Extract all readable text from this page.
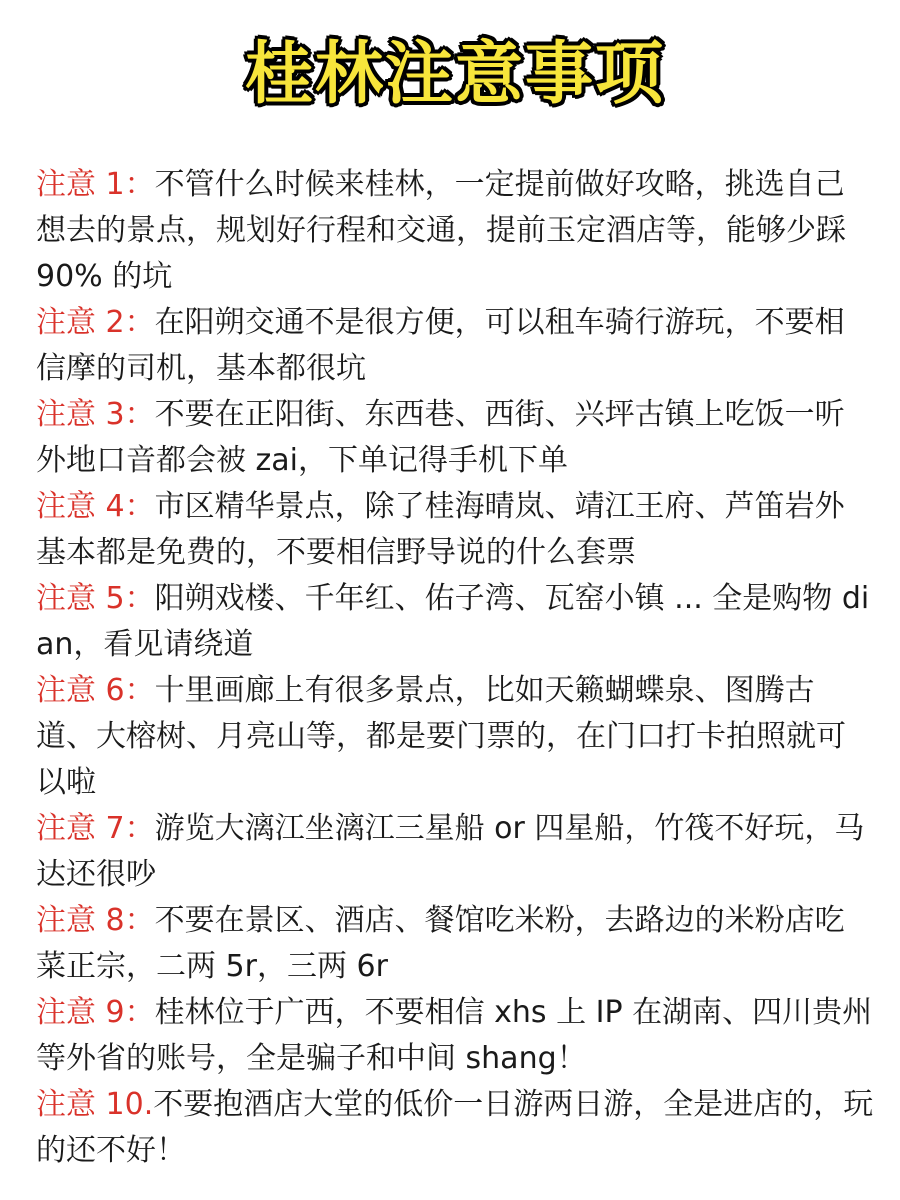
桂林注意事项

注意 1：不管什么时候来桂林，一定提前做好攻略，挑选自己想去的景点，规划好行程和交通，提前玉定酒店等，能够少踩 90% 的坑

注意 2：在阳朔交通不是很方便，可以租车骑行游玩，不要相信摩的司机，基本都很坑

注意 3：不要在正阳街、东西巷、西街、兴坪古镇上吃饭一听外地口音都会被 zai，下单记得手机下单

注意 4：市区精华景点，除了桂海晴岚、靖江王府、芦笛岩外基本都是免费的，不要相信野导说的什么套票

注意 5：阳朔戏楼、千年红、佑子湾、瓦窑小镇 ... 全是购物 dian，看见请绕道

注意 6：十里画廊上有很多景点，比如天籁蝴蝶泉、图腾古道、大榕树、月亮山等，都是要门票的，在门口打卡拍照就可以啦

注意 7：游览大漓江坐漓江三星船 or 四星船，竹筏不好玩，马达还很吵

注意 8：不要在景区、酒店、餐馆吃米粉，去路边的米粉店吃菜正宗，二两 5r，三两 6r

注意 9：桂林位于广西，不要相信 xhs 上 IP 在湖南、四川贵州等外省的账号，全是骗子和中间 shang！

注意 10.不要抱酒店大堂的低价一日游两日游，全是进店的，玩的还不好！
